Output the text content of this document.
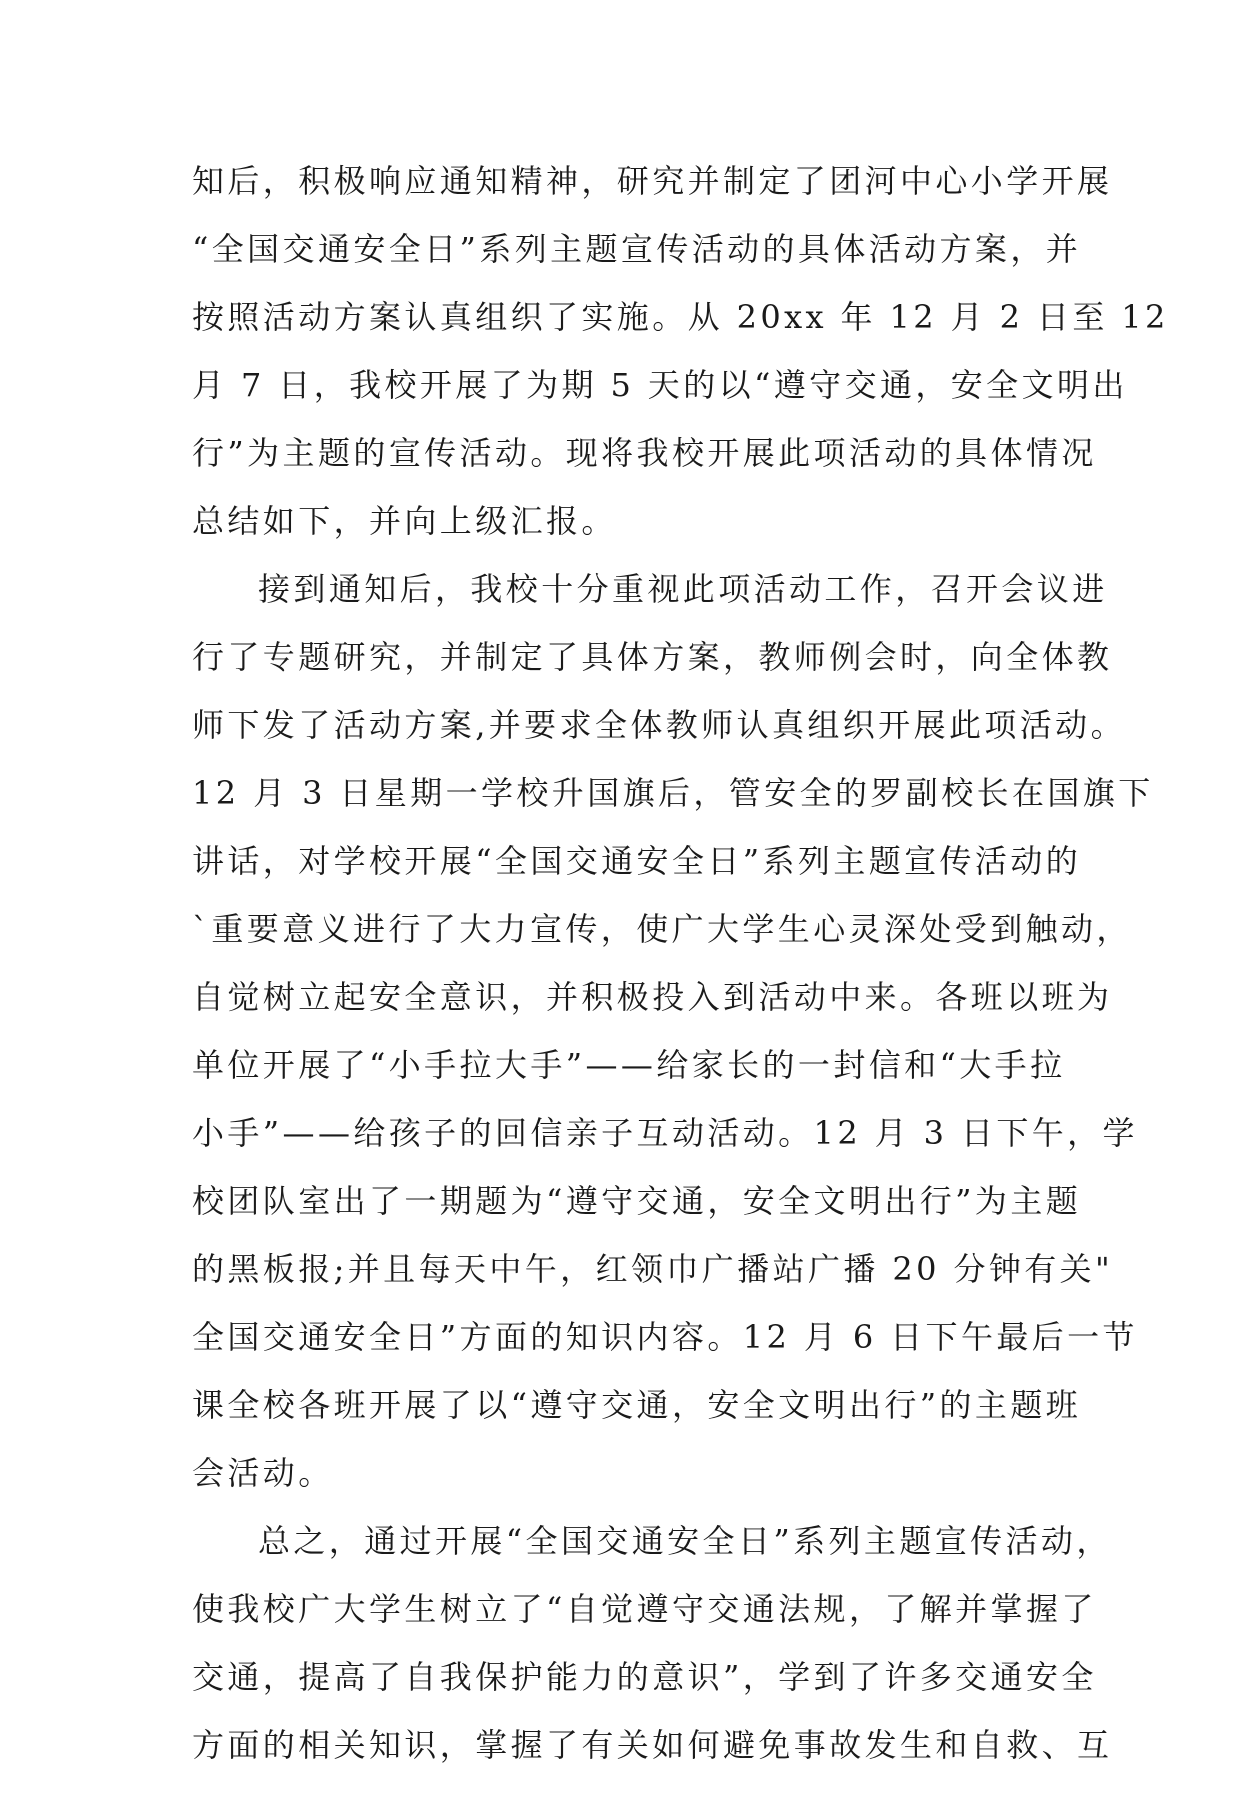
知后，积极响应通知精神，研究并制定了团河中心小学开展
“全国交通安全日”系列主题宣传活动的具体活动方案，并
按照活动方案认真组织了实施。从 20xx 年 12 月 2 日至 12
月 7 日，我校开展了为期 5 天的以“遵守交通，安全文明出
行”为主题的宣传活动。现将我校开展此项活动的具体情况
总结如下，并向上级汇报。
接到通知后，我校十分重视此项活动工作，召开会议进
行了专题研究，并制定了具体方案，教师例会时，向全体教
师下发了活动方案,并要求全体教师认真组织开展此项活动。
12 月 3 日星期一学校升国旗后，管安全的罗副校长在国旗下
讲话，对学校开展“全国交通安全日”系列主题宣传活动的
`重要意义进行了大力宣传，使广大学生心灵深处受到触动，
自觉树立起安全意识，并积极投入到活动中来。各班以班为
单位开展了“小手拉大手”——给家长的一封信和“大手拉
小手”——给孩子的回信亲子互动活动。12 月 3 日下午，学
校团队室出了一期题为“遵守交通，安全文明出行”为主题
的黑板报;并且每天中午，红领巾广播站广播 20 分钟有关"
全国交通安全日”方面的知识内容。12 月 6 日下午最后一节
课全校各班开展了以“遵守交通，安全文明出行”的主题班
会活动。
总之，通过开展“全国交通安全日”系列主题宣传活动，
使我校广大学生树立了“自觉遵守交通法规，了解并掌握了
交通，提高了自我保护能力的意识”，学到了许多交通安全
方面的相关知识，掌握了有关如何避免事故发生和自救、互
